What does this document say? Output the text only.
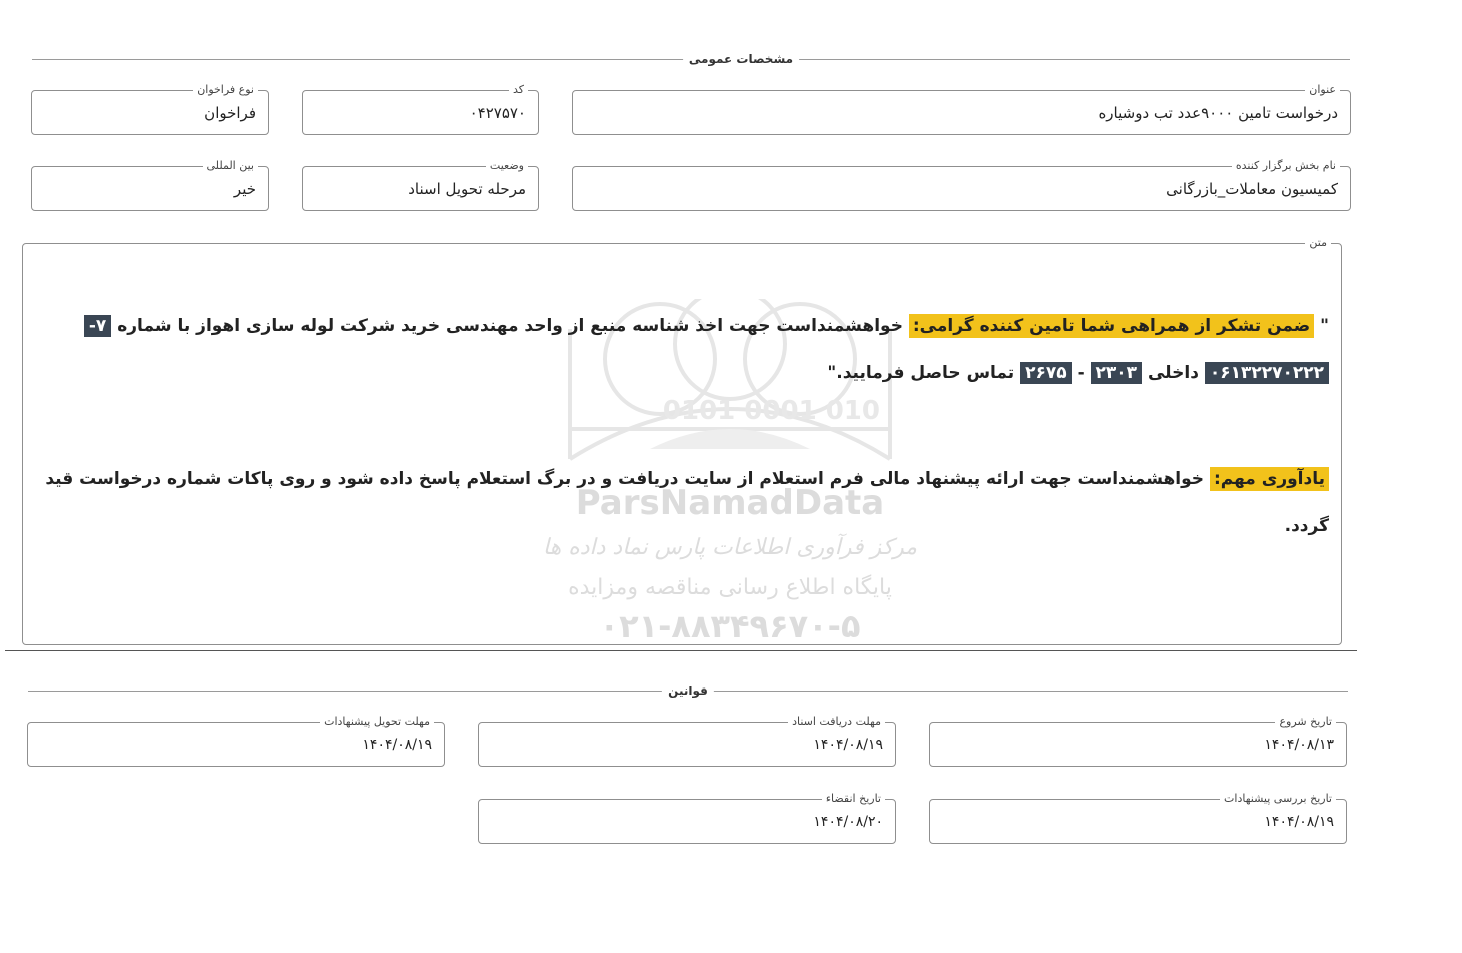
مشخصات عمومی
عنوان
درخواست تامین ۹۰۰۰عدد تب دوشیاره
کد
۰۴۲۷۵۷۰
نوع فراخوان
فراخوان
نام بخش برگزار کننده
کمیسیون معاملات_بازرگانی
وضعیت
مرحله تحویل اسناد
بین المللی
خیر
متن
0101 0001 010
ParsNamadData
مرکز فرآوری اطلاعات پارس نماد داده ها
پایگاه اطلاع رسانی مناقصه ومزایده
۰۲۱-۸۸۳۴۹۶۷۰-۵
" ضمن تشکر از همراهی شما تامین کننده گرامی: خواهشمنداست جهت اخذ شناسه منبع از واحد مهندسی خرید شرکت لوله سازی اهواز با شماره ۷-
۰۶۱۳۲۲۷۰۲۲۲ داخلی ۲۳۰۳ - ۲۶۷۵ تماس حاصل فرمایید."
یادآوری مهم: خواهشمنداست جهت ارائه پیشنهاد مالی فرم استعلام از سایت دریافت و در برگ استعلام پاسخ داده شود و روی پاکات شماره درخواست قید
گردد.
قوانین
تاریخ شروع
۱۴۰۴/۰۸/۱۳
مهلت دریافت اسناد
۱۴۰۴/۰۸/۱۹
مهلت تحویل پیشنهادات
۱۴۰۴/۰۸/۱۹
تاریخ بررسی پیشنهادات
۱۴۰۴/۰۸/۱۹
تاریخ انقضاء
۱۴۰۴/۰۸/۲۰
